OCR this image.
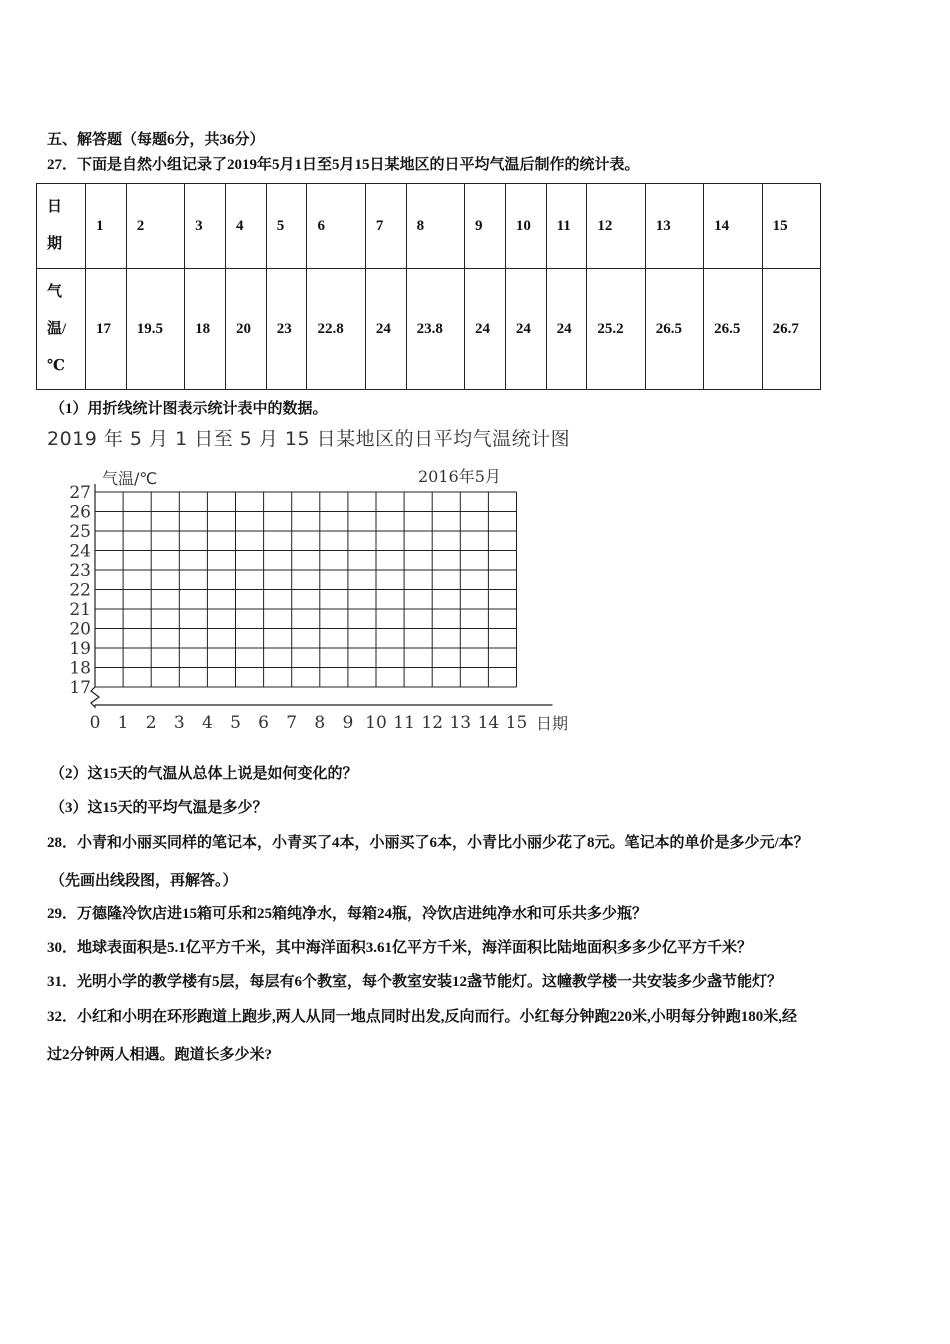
五、解答题（每题6分，共36分）
27．下面是自然小组记录了2019年5月1日至5月15日某地区的日平均气温后制作的统计表。
日
期	1	2	3	4	5	6	7	8	9	10	11	12	13	14	15

气
温/
℃	17	19.5	18	20	23	22.8	24	23.8	24	24	24	25.2	26.5	26.5	26.7
（1）用折线统计图表示统计表中的数据。
2019 年 5 月 1 日至 5 月 15 日某地区的日平均气温统计图
17
18
19
20
21
22
23
24
25
26
27
0 1 2 3 4 5 6 7 8 9 10 11 12 13 14 15
气温/℃	2016年5月
日期
（2）这15天的气温从总体上说是如何变化的？
（3）这15天的平均气温是多少？
28．小青和小丽买同样的笔记本，小青买了4本，小丽买了6本，小青比小丽少花了8元。笔记本的单价是多少元/本？
（先画出线段图，再解答。）
29．万德隆冷饮店进15箱可乐和25箱纯净水，每箱24瓶，冷饮店进纯净水和可乐共多少瓶？
30．地球表面积是5.1亿平方千米，其中海洋面积3.61亿平方千米，海洋面积比陆地面积多多少亿平方千米？
31．光明小学的教学楼有5层，每层有6个教室，每个教室安装12盏节能灯。这幢教学楼一共安装多少盏节能灯？
32．小红和小明在环形跑道上跑步,两人从同一地点同时出发,反向而行。小红每分钟跑220米,小明每分钟跑180米,经
过2分钟两人相遇。跑道长多少米?
